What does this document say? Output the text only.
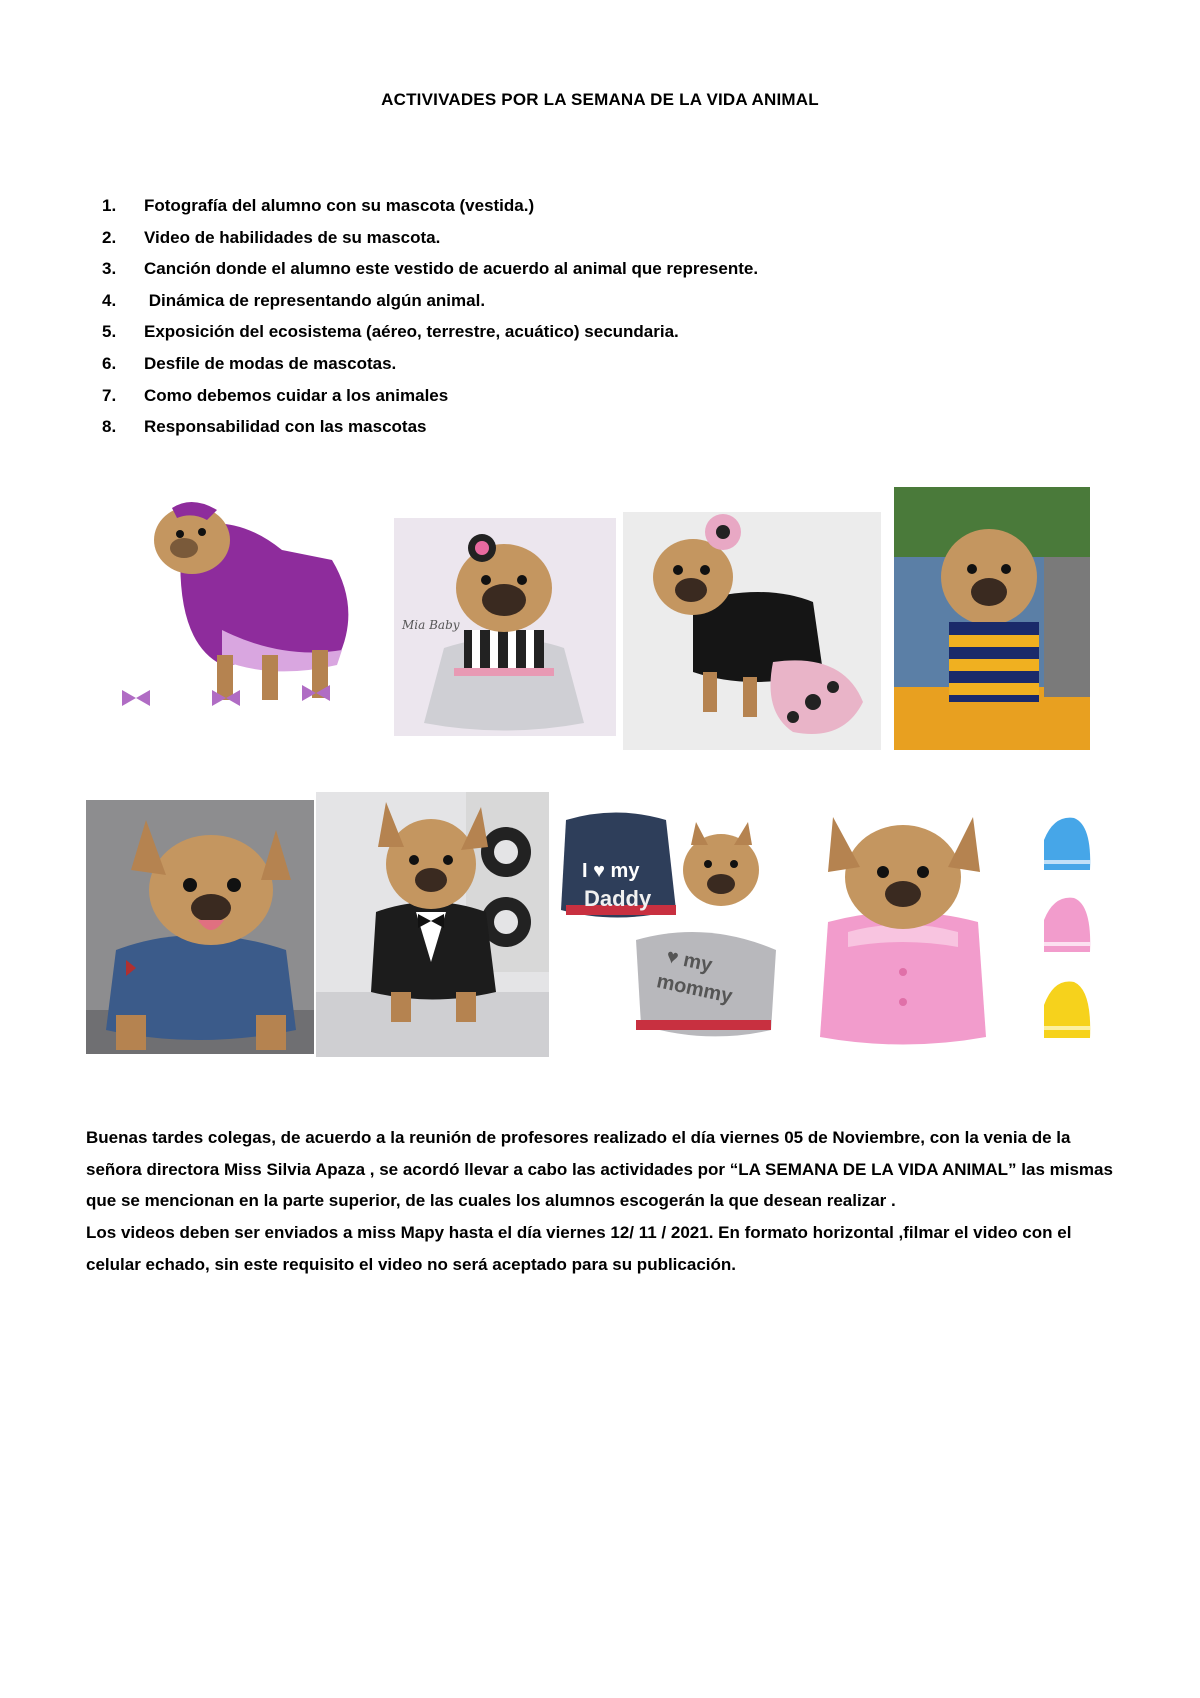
ACTIVIVADES POR LA SEMANA DE LA VIDA ANIMAL
1. Fotografía del alumno con su mascota (vestida.)
2. Video de habilidades de su mascota.
3. Canción donde el alumno este vestido de acuerdo al animal que represente.
4. Dinámica de representando algún animal.
5. Exposición del ecosistema (aéreo, terrestre, acuático) secundaria.
6. Desfile de modas de mascotas.
7. Como debemos cuidar a los animales
8. Responsabilidad con las mascotas
Mia Baby
I ♥ my
Daddy
♥ my
mommy

Buenas tardes colegas, de acuerdo a la reunión de profesores realizado el día viernes 05 de Noviembre, con la venia de la señora directora Miss Silvia Apaza , se acordó llevar a cabo las actividades por “LA SEMANA DE LA VIDA ANIMAL” las mismas que se mencionan en la parte superior, de las cuales los alumnos escogerán la que desean realizar .

Los videos deben ser enviados a miss Mapy hasta el día viernes 12/ 11 / 2021. En formato horizontal ,filmar el video con el celular echado, sin este requisito el video no será aceptado para su publicación.
